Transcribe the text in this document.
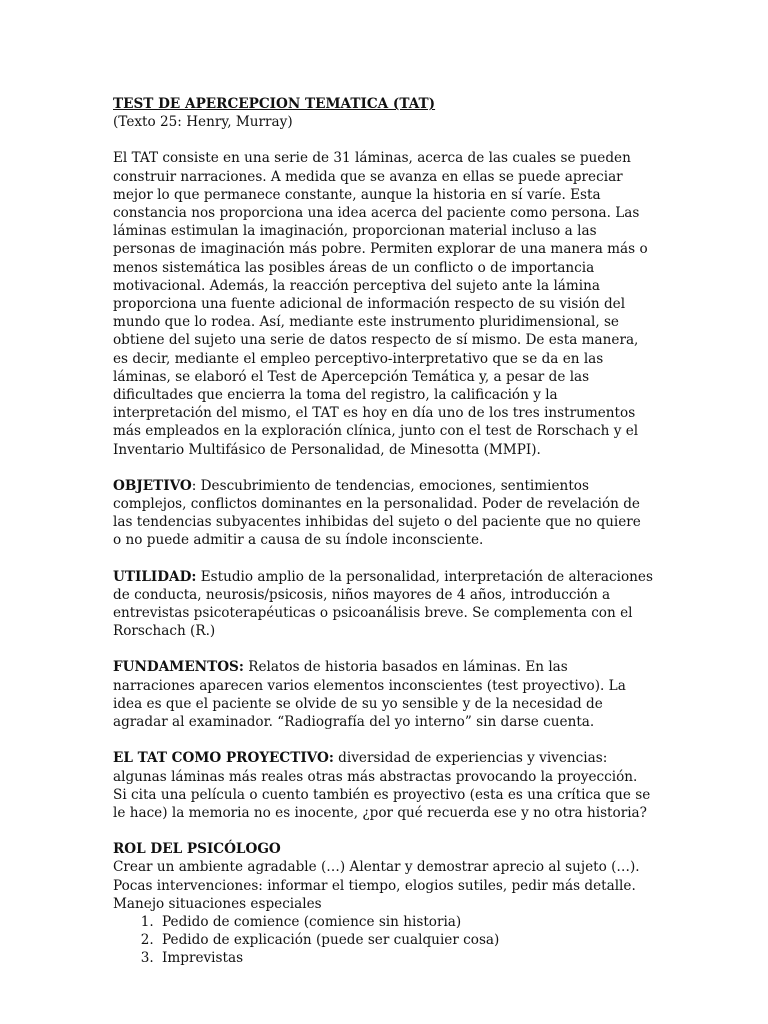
TEST DE APERCEPCION TEMATICA (TAT)
(Texto 25: Henry, Murray)

El TAT consiste en una serie de 31 láminas, acerca de las cuales se pueden construir narraciones. A medida que se avanza en ellas se puede apreciar mejor lo que permanece constante, aunque la historia en sí varíe. Esta constancia nos proporciona una idea acerca del paciente como persona. Las láminas estimulan la imaginación, proporcionan material incluso a las personas de imaginación más pobre. Permiten explorar de una manera más o menos sistemática las posibles áreas de un conflicto o de importancia motivacional. Además, la reacción perceptiva del sujeto ante la lámina proporciona una fuente adicional de información respecto de su visión del mundo que lo rodea. Así, mediante este instrumento pluridimensional, se obtiene del sujeto una serie de datos respecto de sí mismo. De esta manera, es decir, mediante el empleo perceptivo-interpretativo que se da en las láminas, se elaboró el Test de Apercepción Temática y, a pesar de las dificultades que encierra la toma del registro, la calificación y la interpretación del mismo, el TAT es hoy en día uno de los tres instrumentos más empleados en la exploración clínica, junto con el test de Rorschach y el Inventario Multifásico de Personalidad, de Minesotta (MMPI).

OBJETIVO: Descubrimiento de tendencias, emociones, sentimientos complejos, conflictos dominantes en la personalidad. Poder de revelación de las tendencias subyacentes inhibidas del sujeto o del paciente que no quiere o no puede admitir a causa de su índole inconsciente.

UTILIDAD: Estudio amplio de la personalidad, interpretación de alteraciones de conducta, neurosis/psicosis, niños mayores de 4 años, introducción a entrevistas psicoterapéuticas o psicoanálisis breve. Se complementa con el Rorschach (R.)

FUNDAMENTOS: Relatos de historia basados en láminas. En las narraciones aparecen varios elementos inconscientes (test proyectivo). La idea es que el paciente se olvide de su yo sensible y de la necesidad de agradar al examinador. “Radiografía del yo interno” sin darse cuenta.

EL TAT COMO PROYECTIVO: diversidad de experiencias y vivencias: algunas láminas más reales otras más abstractas provocando la proyección. Si cita una película o cuento también es proyectivo (esta es una crítica que se le hace) la memoria no es inocente, ¿por qué recuerda ese y no otra historia?

ROL DEL PSICÓLOGO
Crear un ambiente agradable (…) Alentar y demostrar aprecio al sujeto (…).
Pocas intervenciones: informar el tiempo, elogios sutiles, pedir más detalle.
Manejo situaciones especiales
1. Pedido de comience (comience sin historia)
2. Pedido de explicación (puede ser cualquier cosa)
3. Imprevistas
